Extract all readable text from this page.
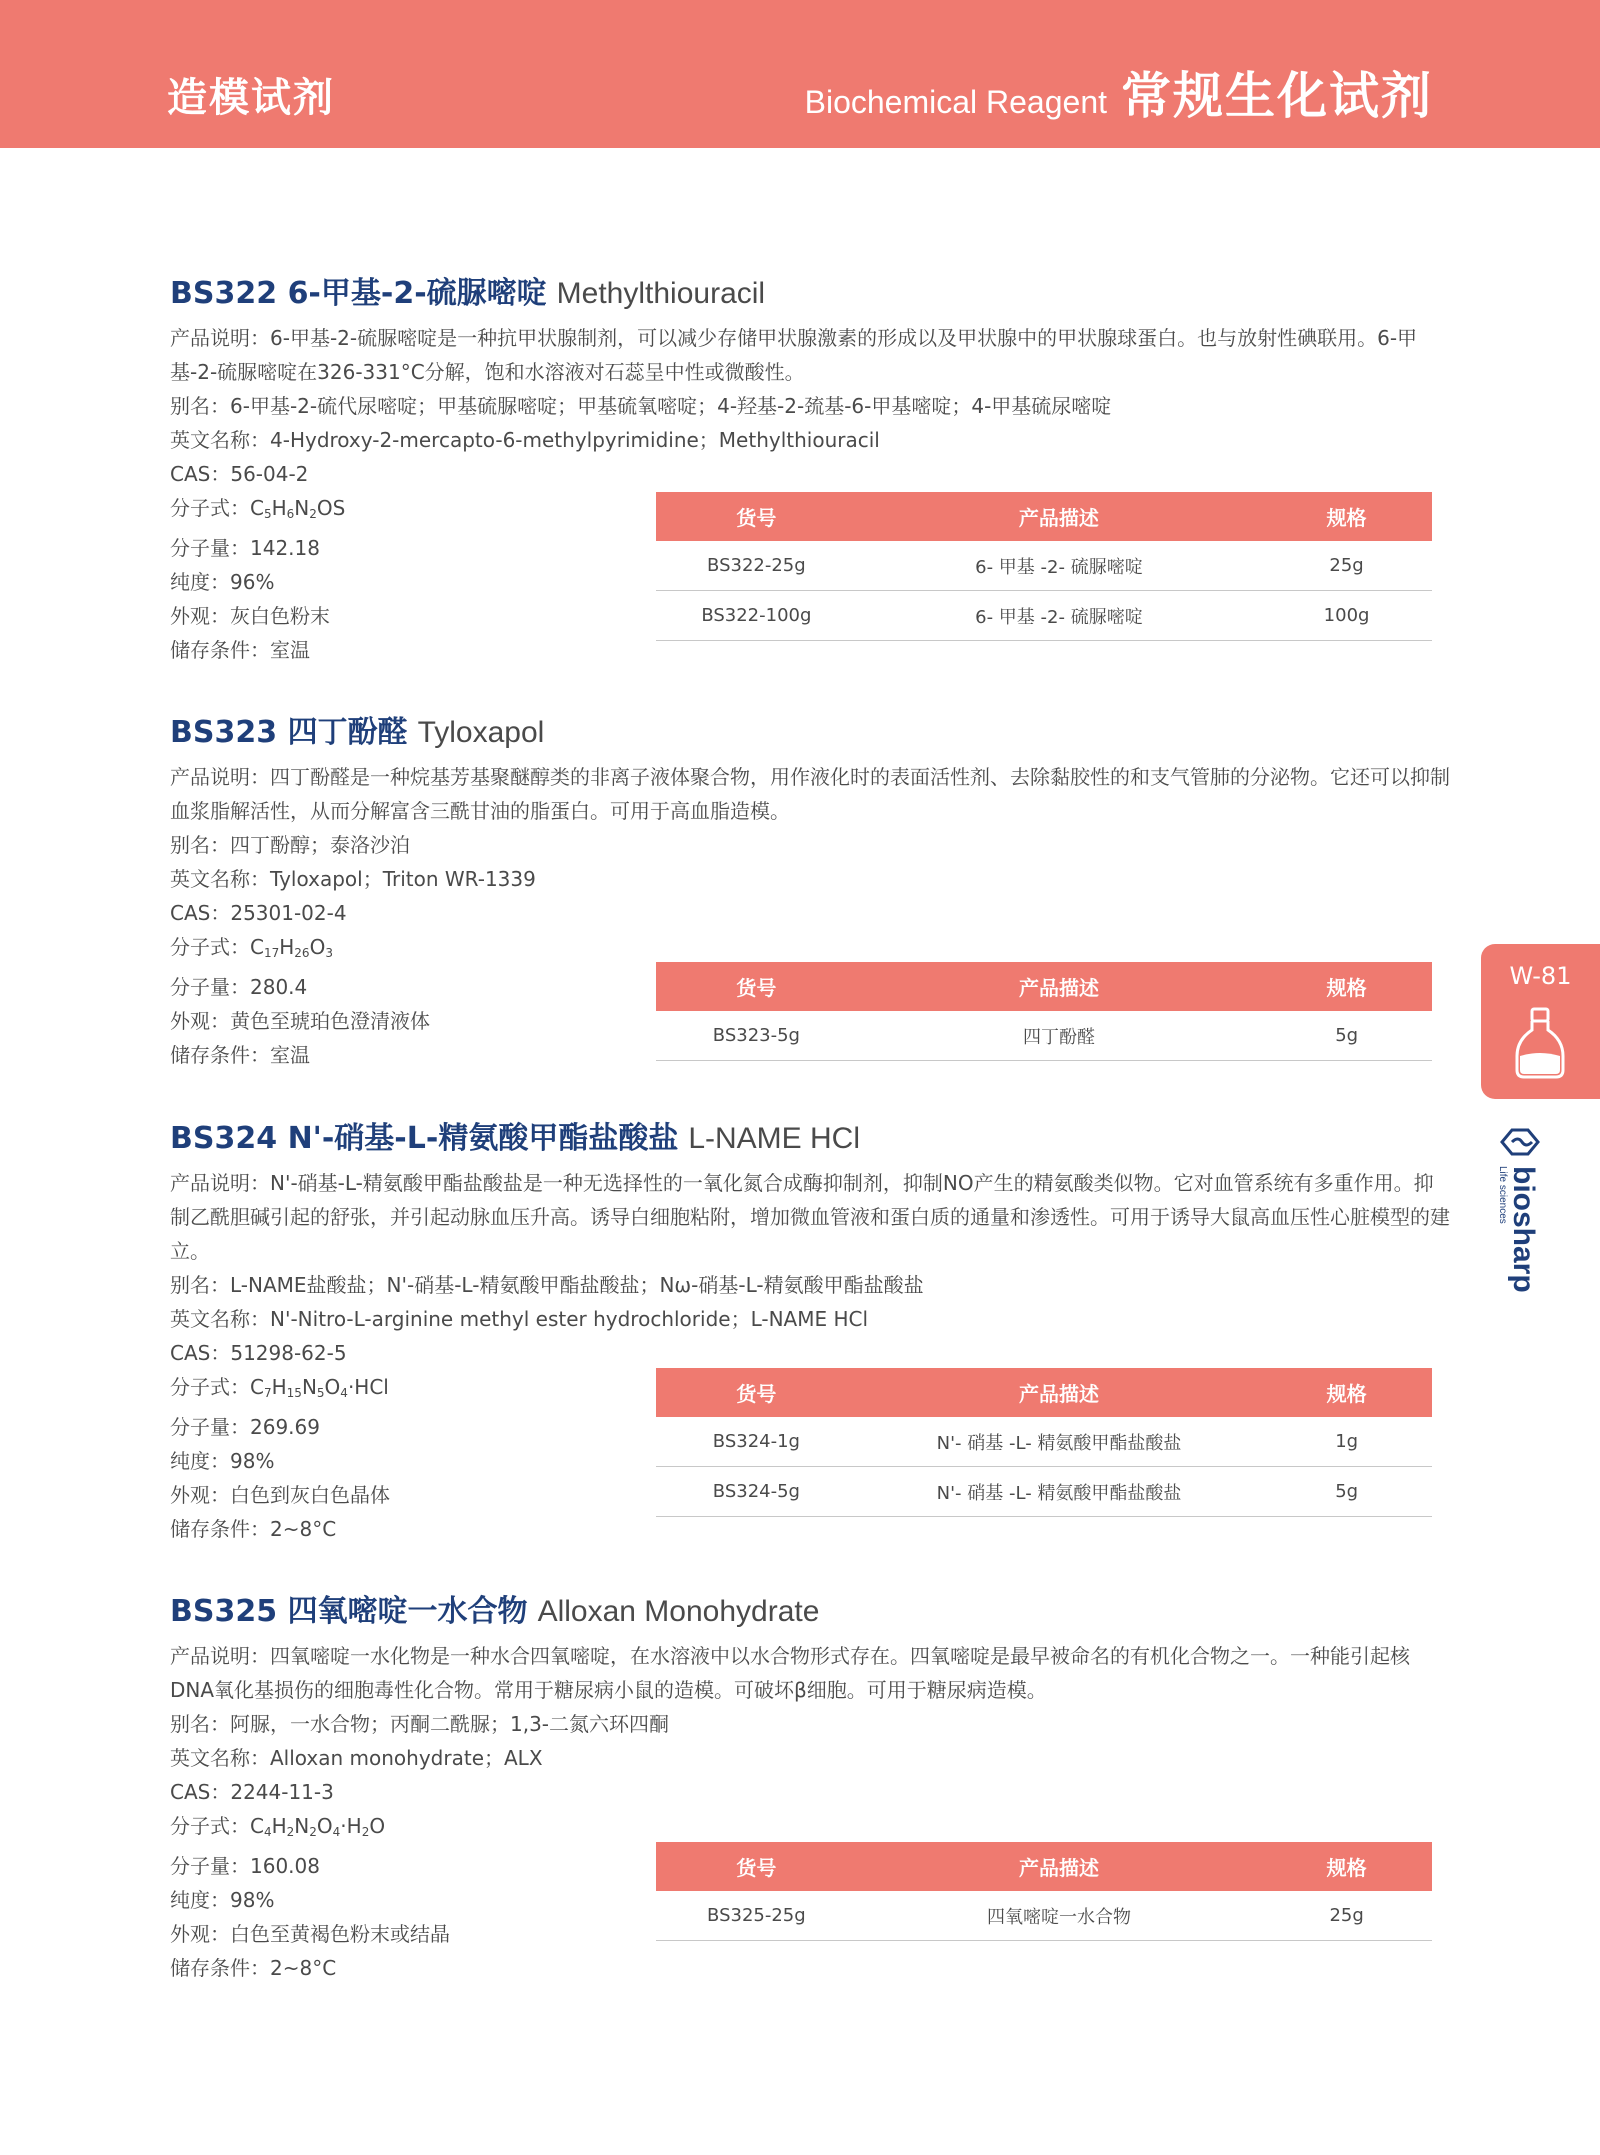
造模试剂	Biochemical Reagent 常规生化试剂
W-81
biosharp
Life sciences
BS322 6-甲基-2-硫脲嘧啶 Methylthiouracil
产品说明：6-甲基-2-硫脲嘧啶是一种抗甲状腺制剂，可以减少存储甲状腺激素的形成以及甲状腺中的甲状腺球蛋白。也与放射性碘联用。6-甲基-2-硫脲嘧啶在326-331°C分解，饱和水溶液对石蕊呈中性或微酸性。
别名：6-甲基-2-硫代尿嘧啶；甲基硫脲嘧啶；甲基硫氧嘧啶；4-羟基-2-巯基-6-甲基嘧啶；4-甲基硫尿嘧啶
英文名称：4-Hydroxy-2-mercapto-6-methylpyrimidine；Methylthiouracil
CAS：56-04-2
分子式：$C_5H_6N_2OS$
分子量：142.18
纯度：96%
外观：灰白色粉末
储存条件：室温
货号	产品描述	规格
BS322-25g	6- 甲基 -2- 硫脲嘧啶	25g
BS322-100g	6- 甲基 -2- 硫脲嘧啶	100g
BS323 四丁酚醛 Tyloxapol
产品说明：四丁酚醛是一种烷基芳基聚醚醇类的非离子液体聚合物，用作液化时的表面活性剂、去除黏胶性的和支气管肺的分泌物。它还可以抑制血浆脂解活性，从而分解富含三酰甘油的脂蛋白。可用于高血脂造模。
别名：四丁酚醇；泰洛沙泊
英文名称：Tyloxapol；Triton WR-1339
CAS：25301-02-4
分子式：$C_{17}H_{26}O_3$
分子量：280.4
外观：黄色至琥珀色澄清液体
储存条件：室温
货号	产品描述	规格
BS323-5g	四丁酚醛	5g
BS324 N'-硝基-L-精氨酸甲酯盐酸盐 L-NAME HCl
产品说明：N'-硝基-L-精氨酸甲酯盐酸盐是一种无选择性的一氧化氮合成酶抑制剂，抑制NO产生的精氨酸类似物。它对血管系统有多重作用。抑制乙酰胆碱引起的舒张，并引起动脉血压升高。诱导白细胞粘附，增加微血管液和蛋白质的通量和渗透性。可用于诱导大鼠高血压性心脏模型的建立。
别名：L-NAME盐酸盐；N'-硝基-L-精氨酸甲酯盐酸盐；Nω-硝基-L-精氨酸甲酯盐酸盐
英文名称：N'-Nitro-L-arginine methyl ester hydrochloride；L-NAME HCl
CAS：51298-62-5
分子式：$C_7H_{15}N_5O_4\cdot HCl$
分子量：269.69
纯度：98%
外观：白色到灰白色晶体
储存条件：2~8°C
货号	产品描述	规格
BS324-1g	N'- 硝基 -L- 精氨酸甲酯盐酸盐	1g
BS324-5g	N'- 硝基 -L- 精氨酸甲酯盐酸盐	5g
BS325 四氧嘧啶一水合物 Alloxan Monohydrate
产品说明：四氧嘧啶一水化物是一种水合四氧嘧啶，在水溶液中以水合物形式存在。四氧嘧啶是最早被命名的有机化合物之一。一种能引起核DNA氧化基损伤的细胞毒性化合物。常用于糖尿病小鼠的造模。可破坏β细胞。可用于糖尿病造模。
别名：阿脲，一水合物；丙酮二酰脲；1,3-二氮六环四酮
英文名称：Alloxan monohydrate；ALX
CAS：2244-11-3
分子式：$C_4H_2N_2O_4\cdot H_2O$
分子量：160.08
纯度：98%
外观：白色至黄褐色粉末或结晶
储存条件：2~8°C
货号	产品描述	规格
BS325-25g	四氧嘧啶一水合物	25g
